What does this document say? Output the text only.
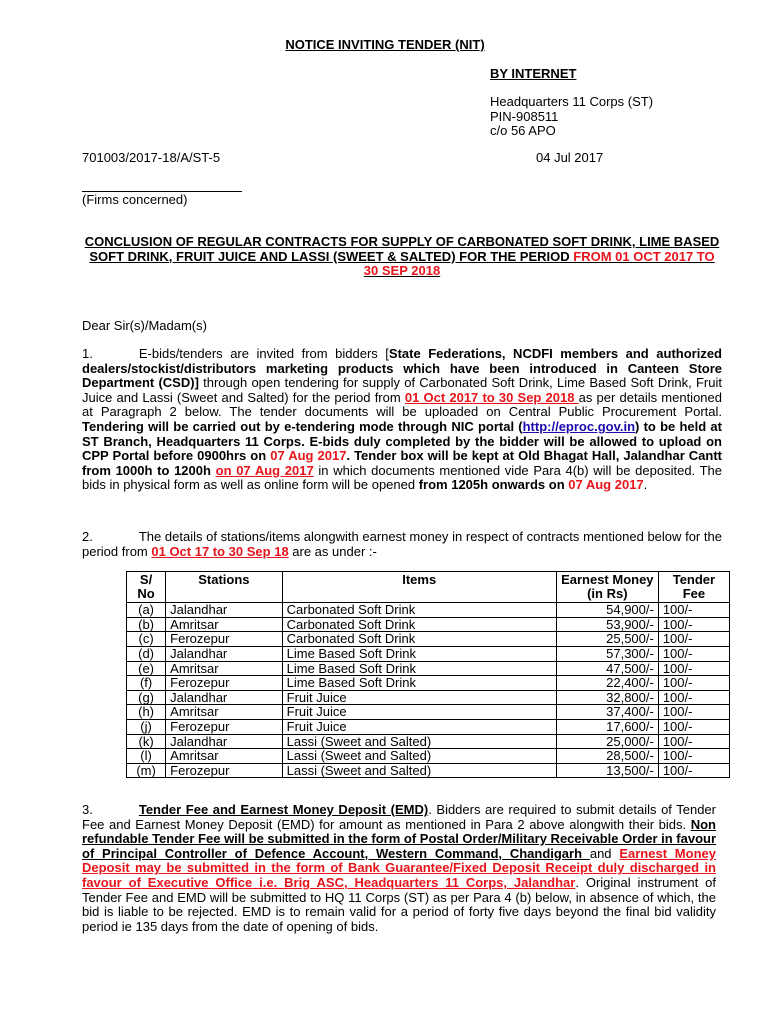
NOTICE INVITING TENDER (NIT)
BY INTERNET
Headquarters 11 Corps (ST)
PIN-908511
c/o 56 APO
701003/2017-18/A/ST-5	04 Jul 2017
(Firms concerned)
CONCLUSION OF REGULAR CONTRACTS FOR SUPPLY OF CARBONATED SOFT DRINK, LIME BASED SOFT DRINK, FRUIT JUICE AND LASSI (SWEET & SALTED) FOR THE PERIOD FROM 01 OCT 2017 TO 30 SEP 2018
Dear Sir(s)/Madam(s)
1.	E-bids/tenders are invited from bidders [State Federations, NCDFI members and authorized dealers/stockist/distributors marketing products which have been introduced in Canteen Store Department (CSD)] through open tendering for supply of Carbonated Soft Drink, Lime Based Soft Drink, Fruit Juice and Lassi (Sweet and Salted) for the period from 01 Oct 2017 to 30 Sep 2018 as per details mentioned at Paragraph 2 below. The tender documents will be uploaded on Central Public Procurement Portal. Tendering will be carried out by e-tendering mode through NIC portal (http://eproc.gov.in) to be held at ST Branch, Headquarters 11 Corps. E-bids duly completed by the bidder will be allowed to upload on CPP Portal before 0900hrs on 07 Aug 2017. Tender box will be kept at Old Bhagat Hall, Jalandhar Cantt from 1000h to 1200h on 07 Aug 2017 in which documents mentioned vide Para 4(b) will be deposited. The bids in physical form as well as online form will be opened from 1205h onwards on 07 Aug 2017.
2.	The details of stations/items alongwith earnest money in respect of contracts mentioned below for the period from 01 Oct 17 to 30 Sep 18 are as under :-
S/ No	Stations	Items	Earnest Money (in Rs)	Tender Fee
(a)	Jalandhar	Carbonated Soft Drink	54,900/-	100/-
(b)	Amritsar	Carbonated Soft Drink	53,900/-	100/-
(c)	Ferozepur	Carbonated Soft Drink	25,500/-	100/-
(d)	Jalandhar	Lime Based Soft Drink	57,300/-	100/-
(e)	Amritsar	Lime Based Soft Drink	47,500/-	100/-
(f)	Ferozepur	Lime Based Soft Drink	22,400/-	100/-
(g)	Jalandhar	Fruit Juice	32,800/-	100/-
(h)	Amritsar	Fruit Juice	37,400/-	100/-
(j)	Ferozepur	Fruit Juice	17,600/-	100/-
(k)	Jalandhar	Lassi (Sweet and Salted)	25,000/-	100/-
(l)	Amritsar	Lassi (Sweet and Salted)	28,500/-	100/-
(m)	Ferozepur	Lassi (Sweet and Salted)	13,500/-	100/-
3.	Tender Fee and Earnest Money Deposit (EMD). Bidders are required to submit details of Tender Fee and Earnest Money Deposit (EMD) for amount as mentioned in Para 2 above alongwith their bids. Non refundable Tender Fee will be submitted in the form of Postal Order/Military Receivable Order in favour of Principal Controller of Defence Account, Western Command, Chandigarh and Earnest Money Deposit may be submitted in the form of Bank Guarantee/Fixed Deposit Receipt duly discharged in favour of Executive Office i.e. Brig ASC, Headquarters 11 Corps, Jalandhar. Original instrument of Tender Fee and EMD will be submitted to HQ 11 Corps (ST) as per Para 4 (b) below, in absence of which, the bid is liable to be rejected. EMD is to remain valid for a period of forty five days beyond the final bid validity period ie 135 days from the date of opening of bids.
